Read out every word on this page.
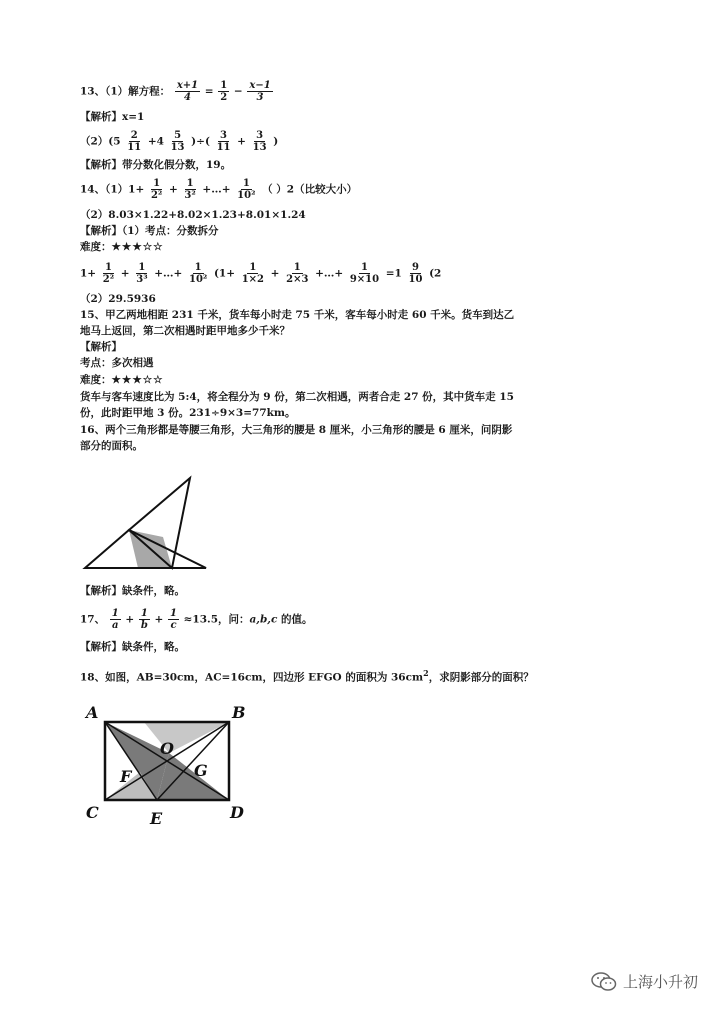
13、（1）解方程： $\frac{x+1}{4} = \frac{1}{2} - \frac{x-1}{3}$
【解析】x=1
$(2)(5 \frac{2}{11} +4 \frac{5}{13}$ )÷( $\frac{3}{11} + \frac{3}{13}$ )
【解析】带分数化假分数，19。
14、$(1)1+ \frac{1}{\text{2²}} + \frac{1}{\text{3²}}$ +…+ $\frac{1}{\text{10²}}$ （ ）2（比较大小）
（2）8.03×1.22+8.02×1.23+8.01×1.24
【解析】（1）考点：分数拆分
难度：★★★☆☆
$1+ \frac{1}{\text{2²}} + \frac{1}{\text{3³}}$ +…+ $\frac{1}{\text{10²}} (1+ \frac{1}{1\times 2} + \frac{1}{2\times 3}$ +…+ $\frac{1}{9\times 10} =1 \frac{9}{10} (2$
（2）29.5936
15、甲乙两地相距 231 千米，货车每小时走 75 千米，客车每小时走 60 千米。货车到达乙
地马上返回，第二次相遇时距甲地多少千米？
【解析】
考点：多次相遇
难度：★★★☆☆
货车与客车速度比为 5:4，将全程分为 9 份，第二次相遇，两者合走 27 份，其中货车走 15
份，此时距甲地 3 份。231÷9×3=77km。
16、两个三角形都是等腰三角形，大三角形的腰是 8 厘米，小三角形的腰是 6 厘米，问阴影
部分的面积。
【解析】缺条件，略。
17、 $\frac{1}{a} + \frac{1}{b} + \frac{1}{c} \approx 13.5$，问：a,b,c 的值。
【解析】缺条件，略。
18、如图，AB=30cm，AC=16cm，四边形 EFGO 的面积为 $36cm^2$，求阴影部分的面积？
A	B
C	D
E
F	G
O
上海小升初
